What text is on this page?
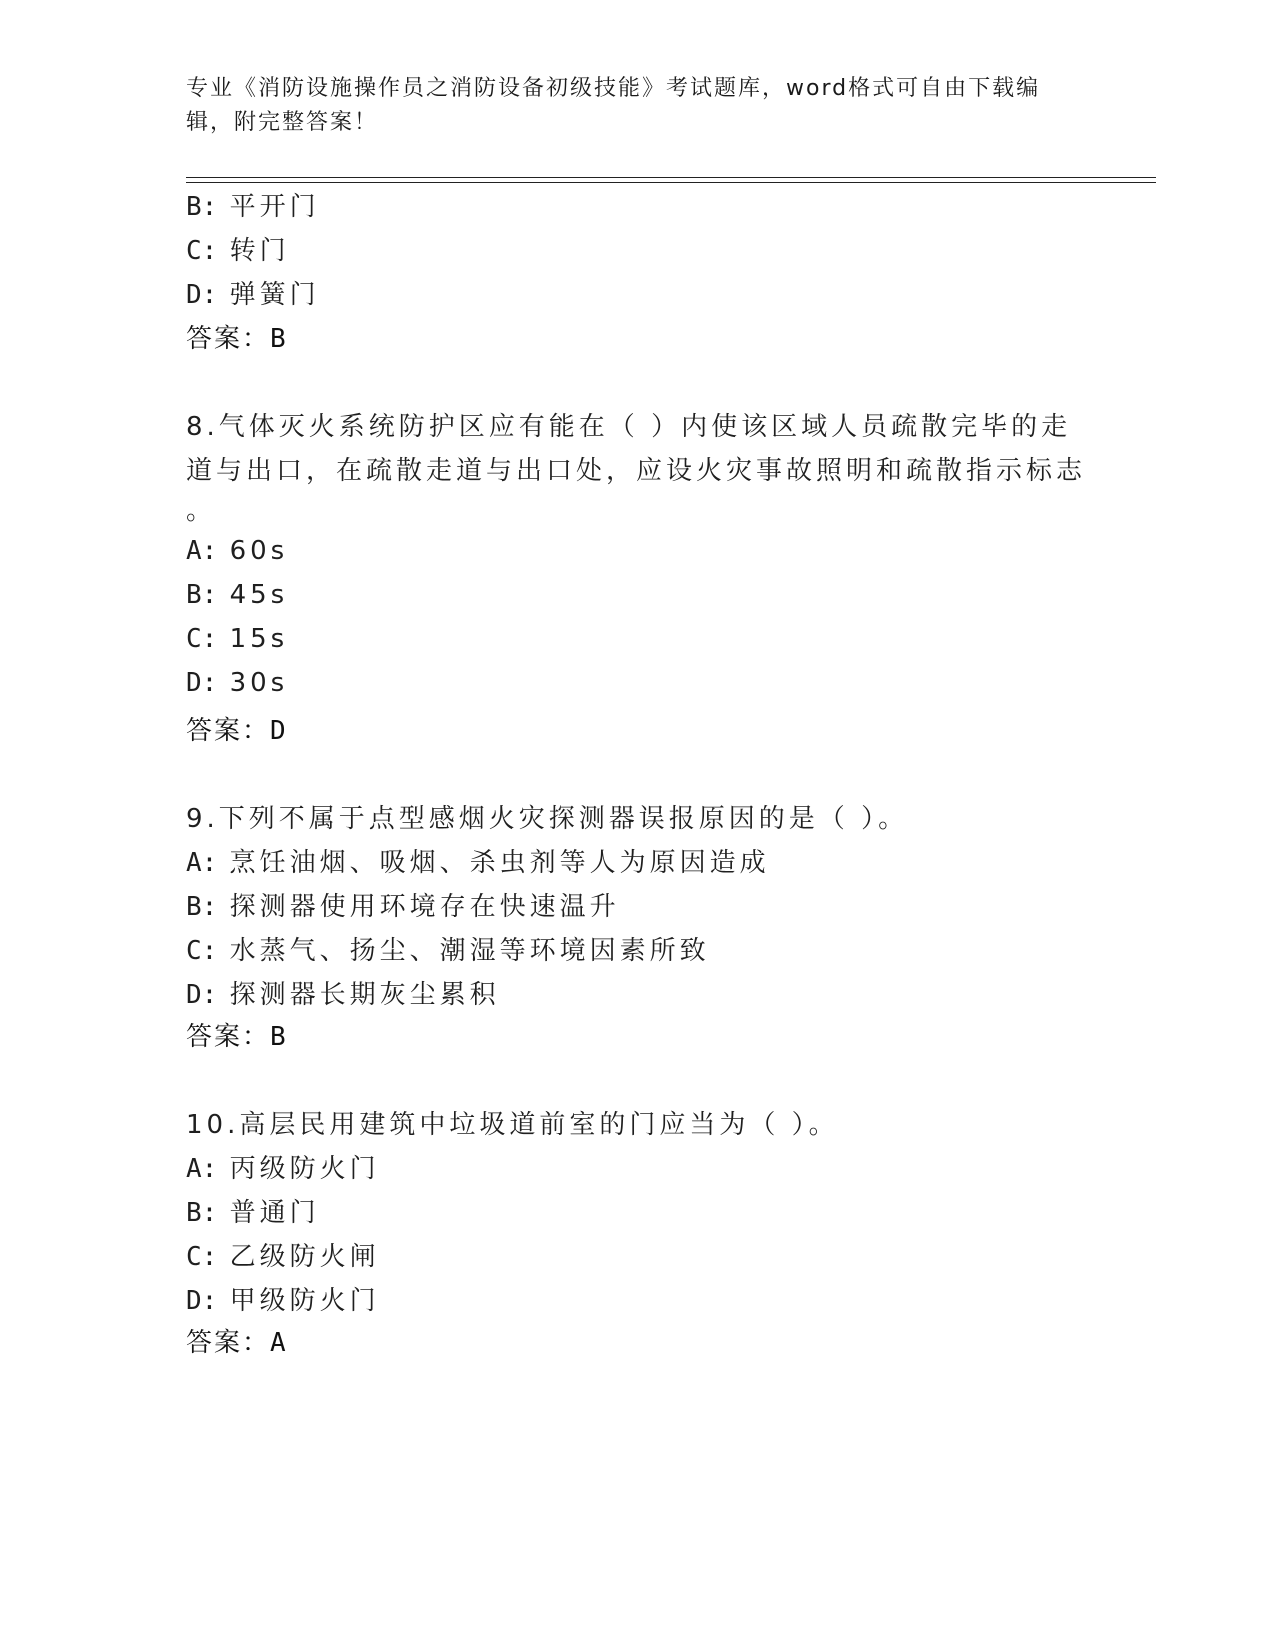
专业《消防设施操作员之消防设备初级技能》考试题库，word格式可自由下载编
辑，附完整答案！
B: 平开门
C: 转门
D: 弹簧门
答案：B
8.气体灭火系统防护区应有能在（ ）内使该区域人员疏散完毕的走
道与出口，在疏散走道与出口处，应设火灾事故照明和疏散指示标志
。
A: 60s
B: 45s
C: 15s
D: 30s
答案：D
9.下列不属于点型感烟火灾探测器误报原因的是（ ）。
A: 烹饪油烟、吸烟、杀虫剂等人为原因造成
B: 探测器使用环境存在快速温升
C: 水蒸气、扬尘、潮湿等环境因素所致
D: 探测器长期灰尘累积
答案：B
10.高层民用建筑中垃圾道前室的门应当为（ ）。
A: 丙级防火门
B: 普通门
C: 乙级防火闸
D: 甲级防火门
答案：A
